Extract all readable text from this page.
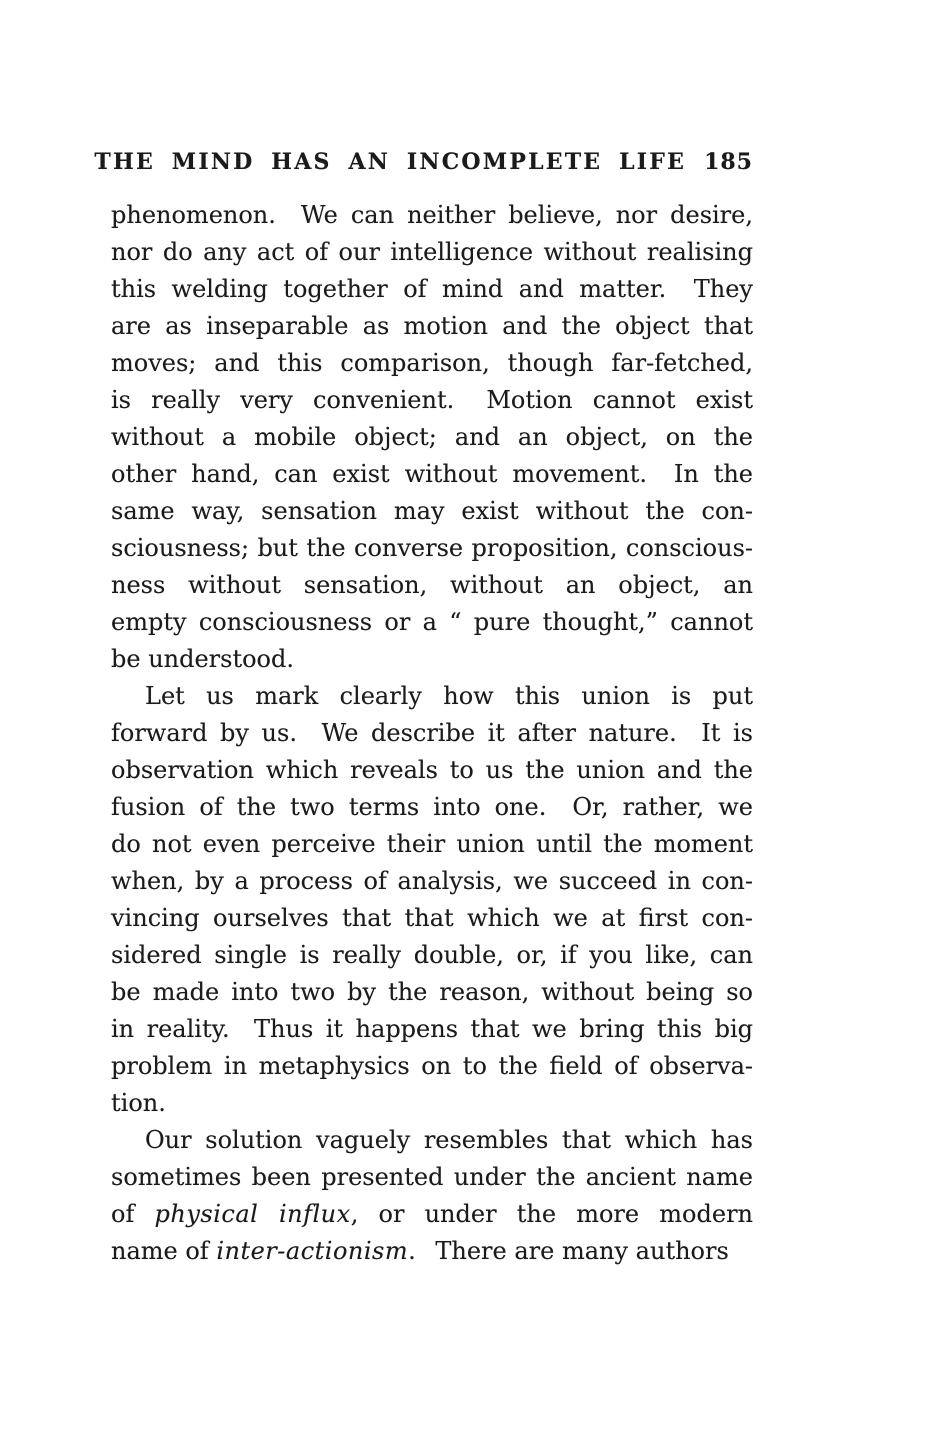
THE MIND HAS AN INCOMPLETE LIFE 185
phenomenon.  We can neither believe, nor desire,
nor do any act of our intelligence without realising
this welding together of mind and matter.  They
are as inseparable as motion and the object that
moves; and this comparison, though far-fetched,
is really very convenient.  Motion cannot exist
without a mobile object; and an object, on the
other hand, can exist without movement.  In the
same way, sensation may exist without the con-
sciousness; but the converse proposition, conscious-
ness without sensation, without an object, an
empty consciousness or a “ pure thought,” cannot
be understood.
Let us mark clearly how this union is put
forward by us.  We describe it after nature.  It is
observation which reveals to us the union and the
fusion of the two terms into one.  Or, rather, we
do not even perceive their union until the moment
when, by a process of analysis, we succeed in con-
vincing ourselves that that which we at first con-
sidered single is really double, or, if you like, can
be made into two by the reason, without being so
in reality.  Thus it happens that we bring this big
problem in metaphysics on to the field of observa-
tion.
Our solution vaguely resembles that which has
sometimes been presented under the ancient name
of physical influx, or under the more modern
name of inter-actionism.  There are many authors
